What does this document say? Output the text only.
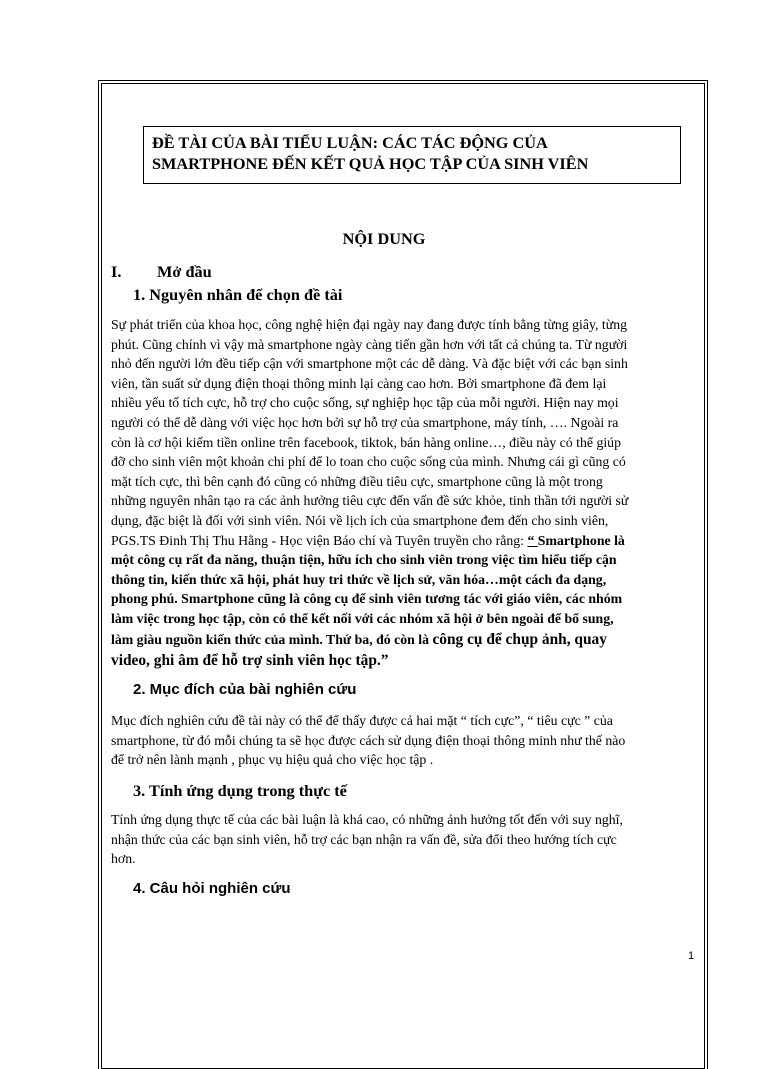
ĐỀ TÀI CỦA BÀI TIỂU LUẬN: CÁC TÁC ĐỘNG CỦA
SMARTPHONE ĐẾN KẾT QUẢ HỌC TẬP CỦA SINH VIÊN
NỘI DUNG
I. Mở đầu
1. Nguyên nhân để chọn đề tài
Sự phát triển của khoa học, công nghệ hiện đại ngày nay đang được tính bằng từng giây, từng
phút. Cũng chính vì vậy mà smartphone ngày càng tiến gần hơn với tất cả chúng ta. Từ người
nhỏ đến người lớn đều tiếp cận với smartphone một các dễ dàng. Và đặc biệt với các bạn sinh
viên, tần suất sử dụng điện thoại thông minh lại càng cao hơn. Bởi smartphone đã đem lại
nhiều yếu tố tích cực, hỗ trợ cho cuộc sống, sự nghiệp học tập của mỗi người. Hiện nay mọi
người có thể dễ dàng với việc học hơn bởi sự hỗ trợ của smartphone, máy tính, …. Ngoài ra
còn là cơ hội kiếm tiền online trên facebook, tiktok, bán hàng online…, điều này có thể giúp
đỡ cho sinh viên một khoản chi phí để lo toan cho cuộc sống của mình. Nhưng cái gì cũng có
mặt tích cực, thì bên cạnh đó cũng có những điều tiêu cực, smartphone cũng là một trong
những nguyên nhân tạo ra các ảnh hưởng tiêu cực đến vấn đề sức khỏe, tinh thần tới người sử
dụng, đặc biệt là đối với sinh viên. Nói về lịch ích của smartphone đem đến cho sinh viên,
PGS.TS Đinh Thị Thu Hằng - Học viện Báo chí và Tuyên truyền cho rằng: “ Smartphone là
một công cụ rất đa năng, thuận tiện, hữu ích cho sinh viên trong việc tìm hiểu tiếp cận
thông tin, kiến thức xã hội, phát huy tri thức về lịch sử, văn hóa…một cách đa dạng,
phong phú. Smartphone cũng là công cụ để sinh viên tương tác với giáo viên, các nhóm
làm việc trong học tập, còn có thể kết nối với các nhóm xã hội ở bên ngoài để bổ sung,
làm giàu nguồn kiến thức của mình. Thứ ba, đó còn là công cụ để chụp ảnh, quay
video, ghi âm để hỗ trợ sinh viên học tập.”
2. Mục đích của bài nghiên cứu
Mục đích nghiên cứu đề tài này có thể để thấy được cả hai mặt “ tích cực”, “ tiêu cực ” của
smartphone, từ đó mỗi chúng ta sẽ học được cách sử dụng điện thoại thông minh như thế nào
để trở nên lành mạnh , phục vụ hiệu quả cho việc học tập .
3. Tính ứng dụng trong thực tế
Tính ứng dụng thực tế của các bài luận là khá cao, có những ảnh hưởng tốt đến với suy nghĩ,
nhận thức của các bạn sinh viên, hỗ trợ các bạn nhận ra vấn đề, sửa đổi theo hướng tích cực
hơn.
4. Câu hỏi nghiên cứu
1
